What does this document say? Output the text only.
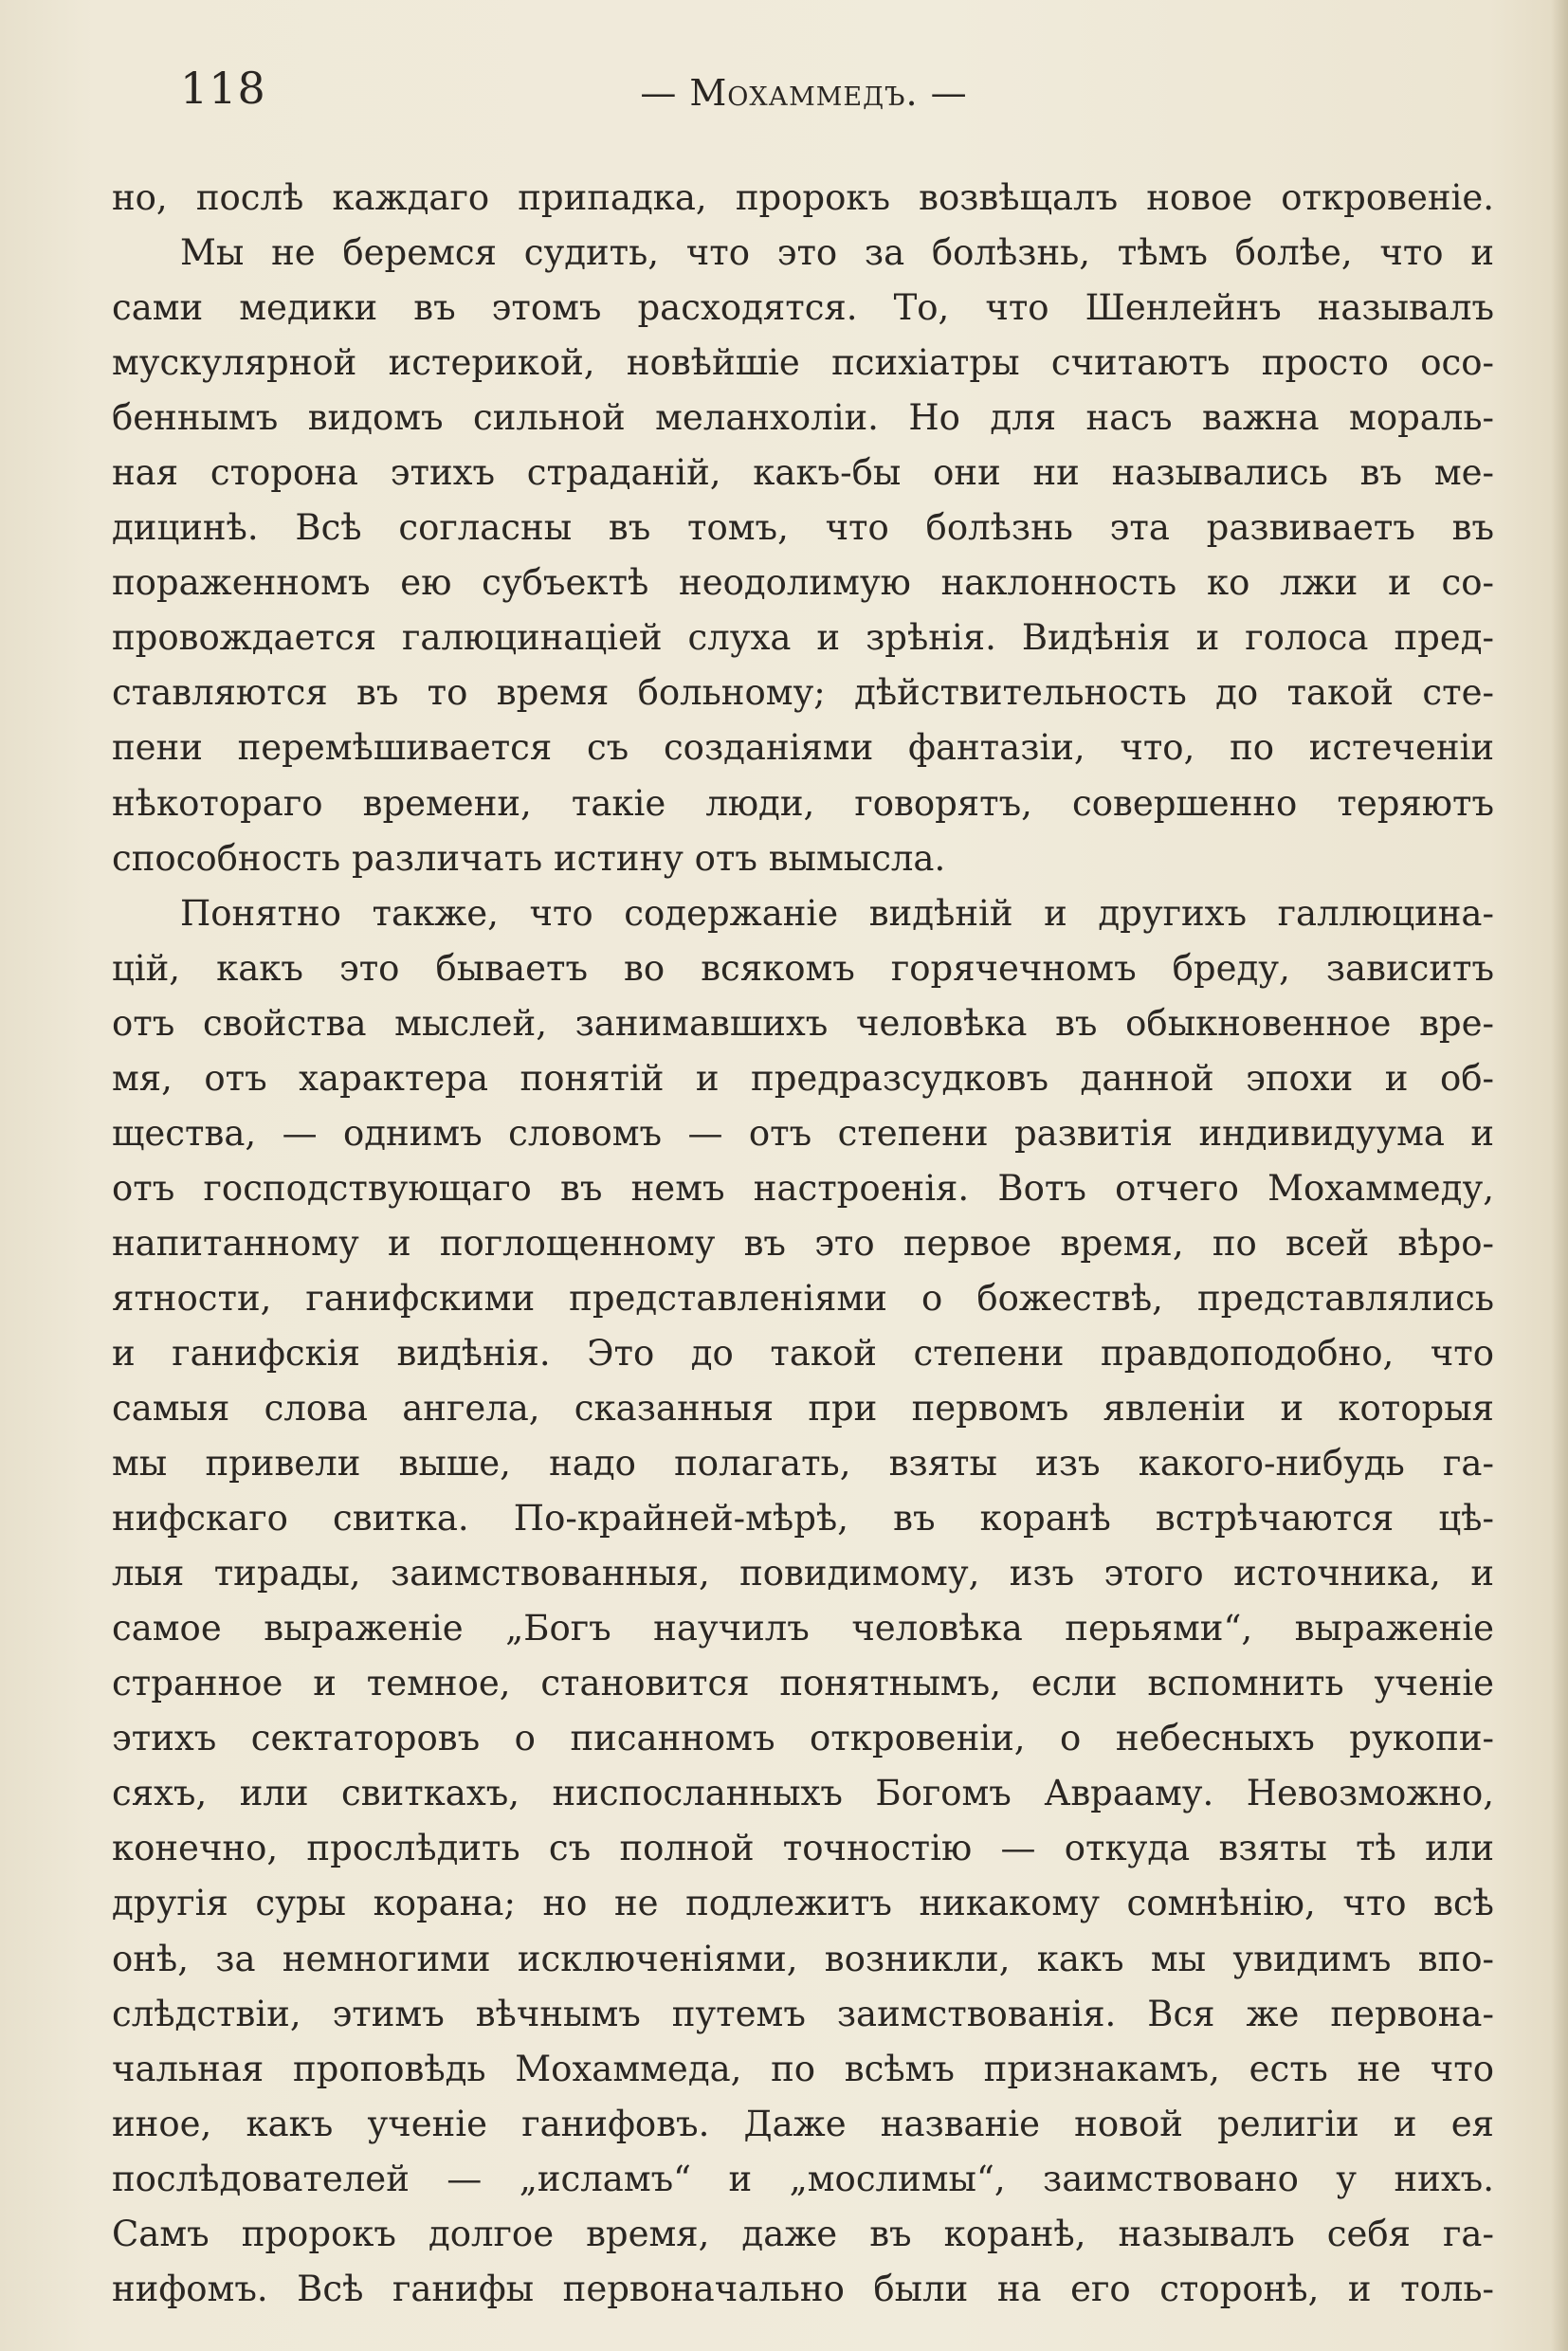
118	— Мохаммедъ. —
но, послѣ каждаго припадка, пророкъ возвѣщалъ новое откровенiе.
Мы не беремся судить, что это за болѣзнь, тѣмъ болѣе, что и
сами медики въ этомъ расходятся. То, что Шенлейнъ называлъ
мускулярной истерикой, новѣйшiе психiатры считаютъ просто осо-
беннымъ видомъ сильной меланхолiи. Но для насъ важна мораль-
ная сторона этихъ страданiй, какъ-бы они ни назывались въ ме-
дицинѣ. Всѣ согласны въ томъ, что болѣзнь эта развиваетъ въ
пораженномъ ею субъектѣ неодолимую наклонность ко лжи и со-
провождается галюцинацiей слуха и зрѣнiя. Видѣнiя и голоса пред-
ставляются въ то время больному; дѣйствительность до такой сте-
пени перемѣшивается съ созданiями фантазiи, что, по истеченiи
нѣкотораго времени, такiе люди, говорятъ, совершенно теряютъ
способность различать истину отъ вымысла.
Понятно также, что содержанiе видѣнiй и другихъ галлюцина-
цiй, какъ это бываетъ во всякомъ горячечномъ бреду, зависитъ
отъ свойства мыслей, занимавшихъ человѣка въ обыкновенное вре-
мя, отъ характера понятiй и предразсудковъ данной эпохи и об-
щества, — однимъ словомъ — отъ степени развитiя индивидуума и
отъ господствующаго въ немъ настроенiя. Вотъ отчего Мохаммеду,
напитанному и поглощенному въ это первое время, по всей вѣро-
ятности, ганифскими представленiями о божествѣ, представлялись
и ганифскiя видѣнiя. Это до такой степени правдоподобно, что
самыя слова ангела, сказанныя при первомъ явленiи и которыя
мы привели выше, надо полагать, взяты изъ какого-нибудь га-
нифскаго свитка. По-крайней-мѣрѣ, въ коранѣ встрѣчаются цѣ-
лыя тирады, заимствованныя, повидимому, изъ этого источника, и
самое выраженiе „Богъ научилъ человѣка перьями“, выраженiе
странное и темное, становится понятнымъ, если вспомнить ученiе
этихъ сектаторовъ о писанномъ откровенiи, о небесныхъ рукопи-
сяхъ, или свиткахъ, ниспосланныхъ Богомъ Аврааму. Невозможно,
конечно, прослѣдить съ полной точностiю — откуда взяты тѣ или
другiя суры корана; но не подлежитъ никакому сомнѣнiю, что всѣ
онѣ, за немногими исключенiями, возникли, какъ мы увидимъ впо-
слѣдствiи, этимъ вѣчнымъ путемъ заимствованiя. Вся же первона-
чальная проповѣдь Мохаммеда, по всѣмъ признакамъ, есть не что
иное, какъ ученiе ганифовъ. Даже названiе новой религiи и ея
послѣдователей — „исламъ“ и „мослимы“, заимствовано у нихъ.
Самъ пророкъ долгое время, даже въ коранѣ, называлъ себя га-
нифомъ. Всѣ ганифы первоначально были на его сторонѣ, и толь-
